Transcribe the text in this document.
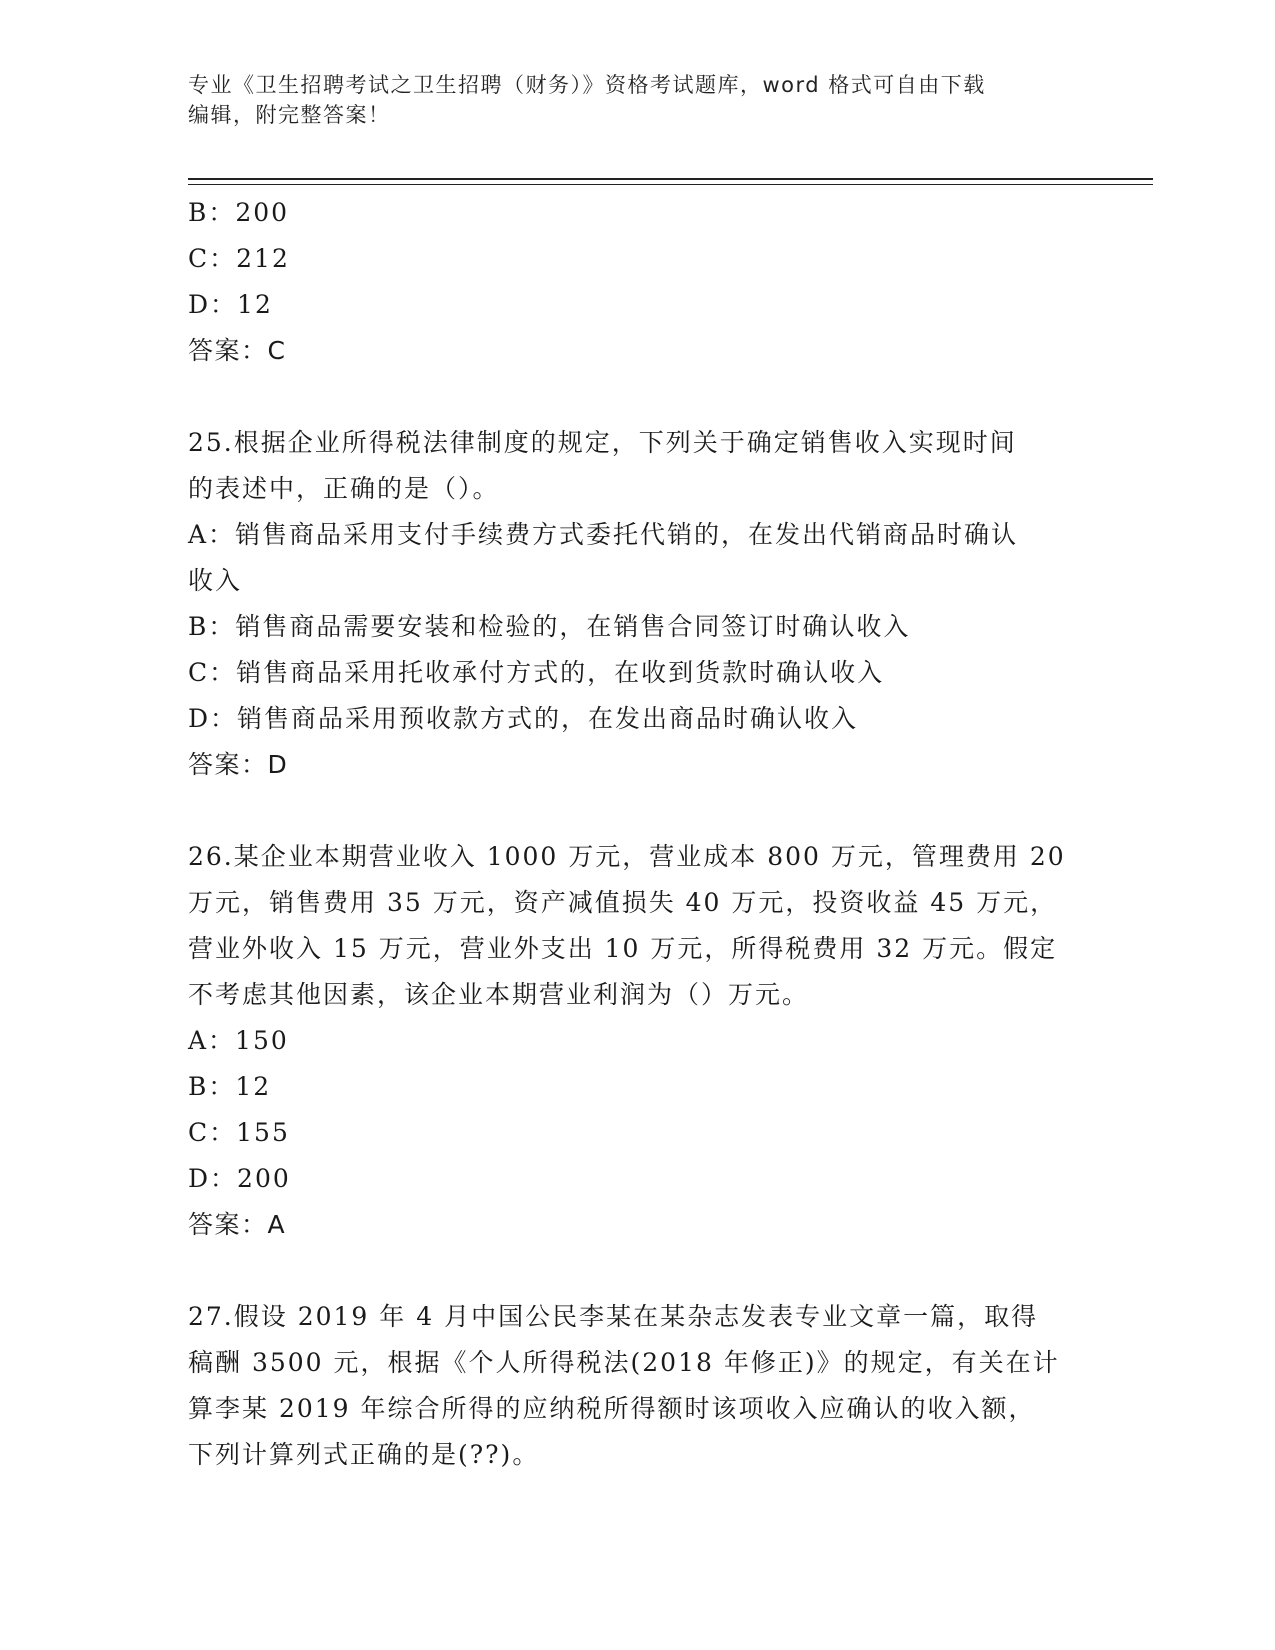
专业《卫生招聘考试之卫生招聘（财务）》资格考试题库，word 格式可自由下载
编辑，附完整答案！
B：200
C：212
D：12
答案：C
25.根据企业所得税法律制度的规定，下列关于确定销售收入实现时间
的表述中，正确的是（）。
A：销售商品采用支付手续费方式委托代销的，在发出代销商品时确认
收入
B：销售商品需要安装和检验的，在销售合同签订时确认收入
C：销售商品采用托收承付方式的，在收到货款时确认收入
D：销售商品采用预收款方式的，在发出商品时确认收入
答案：D
26.某企业本期营业收入 1000 万元，营业成本 800 万元，管理费用 20
万元，销售费用 35 万元，资产减值损失 40 万元，投资收益 45 万元，
营业外收入 15 万元，营业外支出 10 万元，所得税费用 32 万元。假定
不考虑其他因素，该企业本期营业利润为（）万元。
A：150
B：12
C：155
D：200
答案：A
27.假设 2019 年 4 月中国公民李某在某杂志发表专业文章一篇，取得
稿酬 3500 元，根据《个人所得税法(2018 年修正)》的规定，有关在计
算李某 2019 年综合所得的应纳税所得额时该项收入应确认的收入额，
下列计算列式正确的是(??)。
